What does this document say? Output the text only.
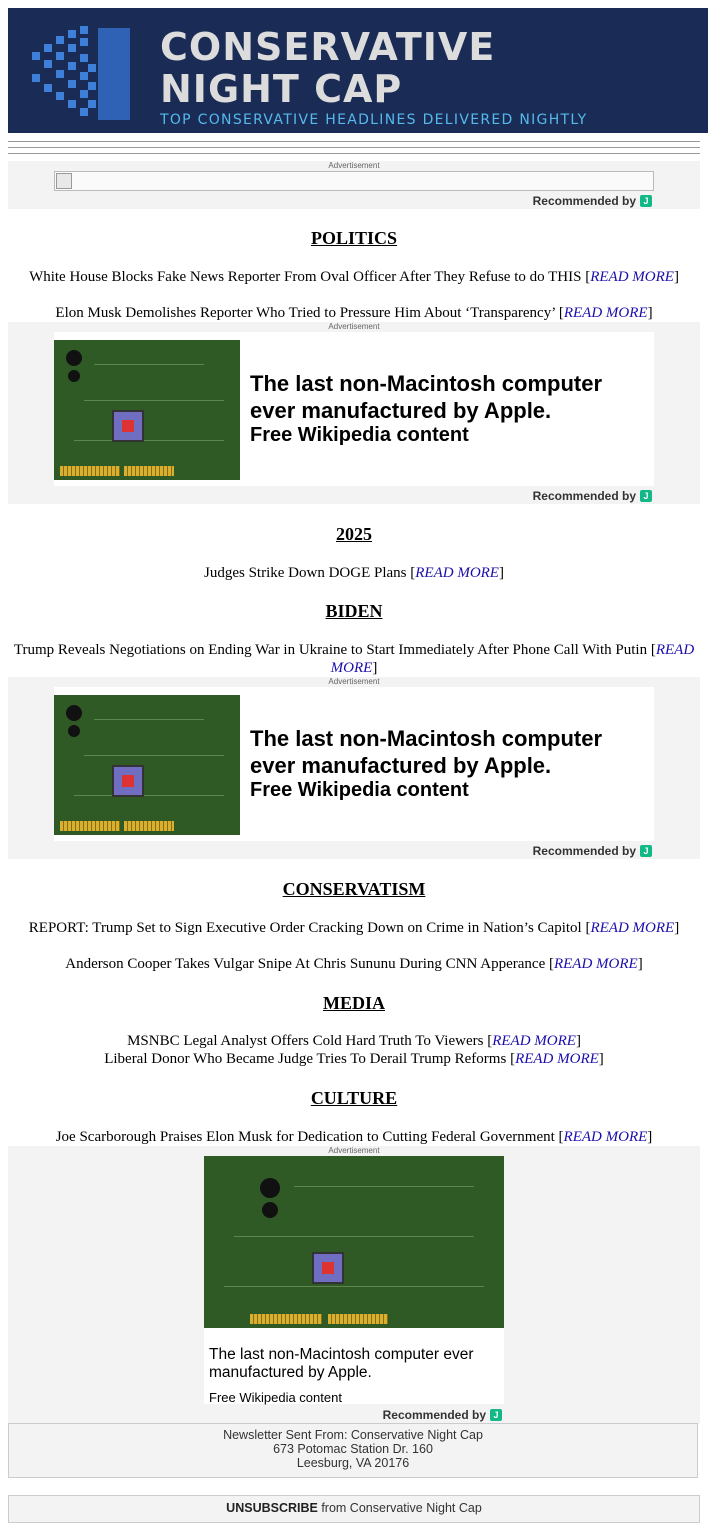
CONSERVATIVE
NIGHT CAP
TOP CONSERVATIVE HEADLINES DELIVERED NIGHTLY
Advertisement
Recommended by J
POLITICS
White House Blocks Fake News Reporter From Oval Officer After They Refuse to do THIS [READ MORE]
Elon Musk Demolishes Reporter Who Tried to Pressure Him About ‘Transparency’ [READ MORE]
Advertisement
The last non-Macintosh computer
ever manufactured by Apple.
Free Wikipedia content
Recommended by J
2025
Judges Strike Down DOGE Plans [READ MORE]
BIDEN
Trump Reveals Negotiations on Ending War in Ukraine to Start Immediately After Phone Call With Putin [READ MORE]
Advertisement
The last non-Macintosh computer
ever manufactured by Apple.
Free Wikipedia content
Recommended by J
CONSERVATISM
REPORT: Trump Set to Sign Executive Order Cracking Down on Crime in Nation’s Capitol [READ MORE]
Anderson Cooper Takes Vulgar Snipe At Chris Sununu During CNN Apperance [READ MORE]
MEDIA
MSNBC Legal Analyst Offers Cold Hard Truth To Viewers [READ MORE]
Liberal Donor Who Became Judge Tries To Derail Trump Reforms [READ MORE]
CULTURE
Joe Scarborough Praises Elon Musk for Dedication to Cutting Federal Government [READ MORE]
Advertisement
The last non-Macintosh computer ever
manufactured by Apple.
Free Wikipedia content
Recommended by J
Newsletter Sent From: Conservative Night Cap
673 Potomac Station Dr. 160
Leesburg, VA 20176
UNSUBSCRIBE from Conservative Night Cap
